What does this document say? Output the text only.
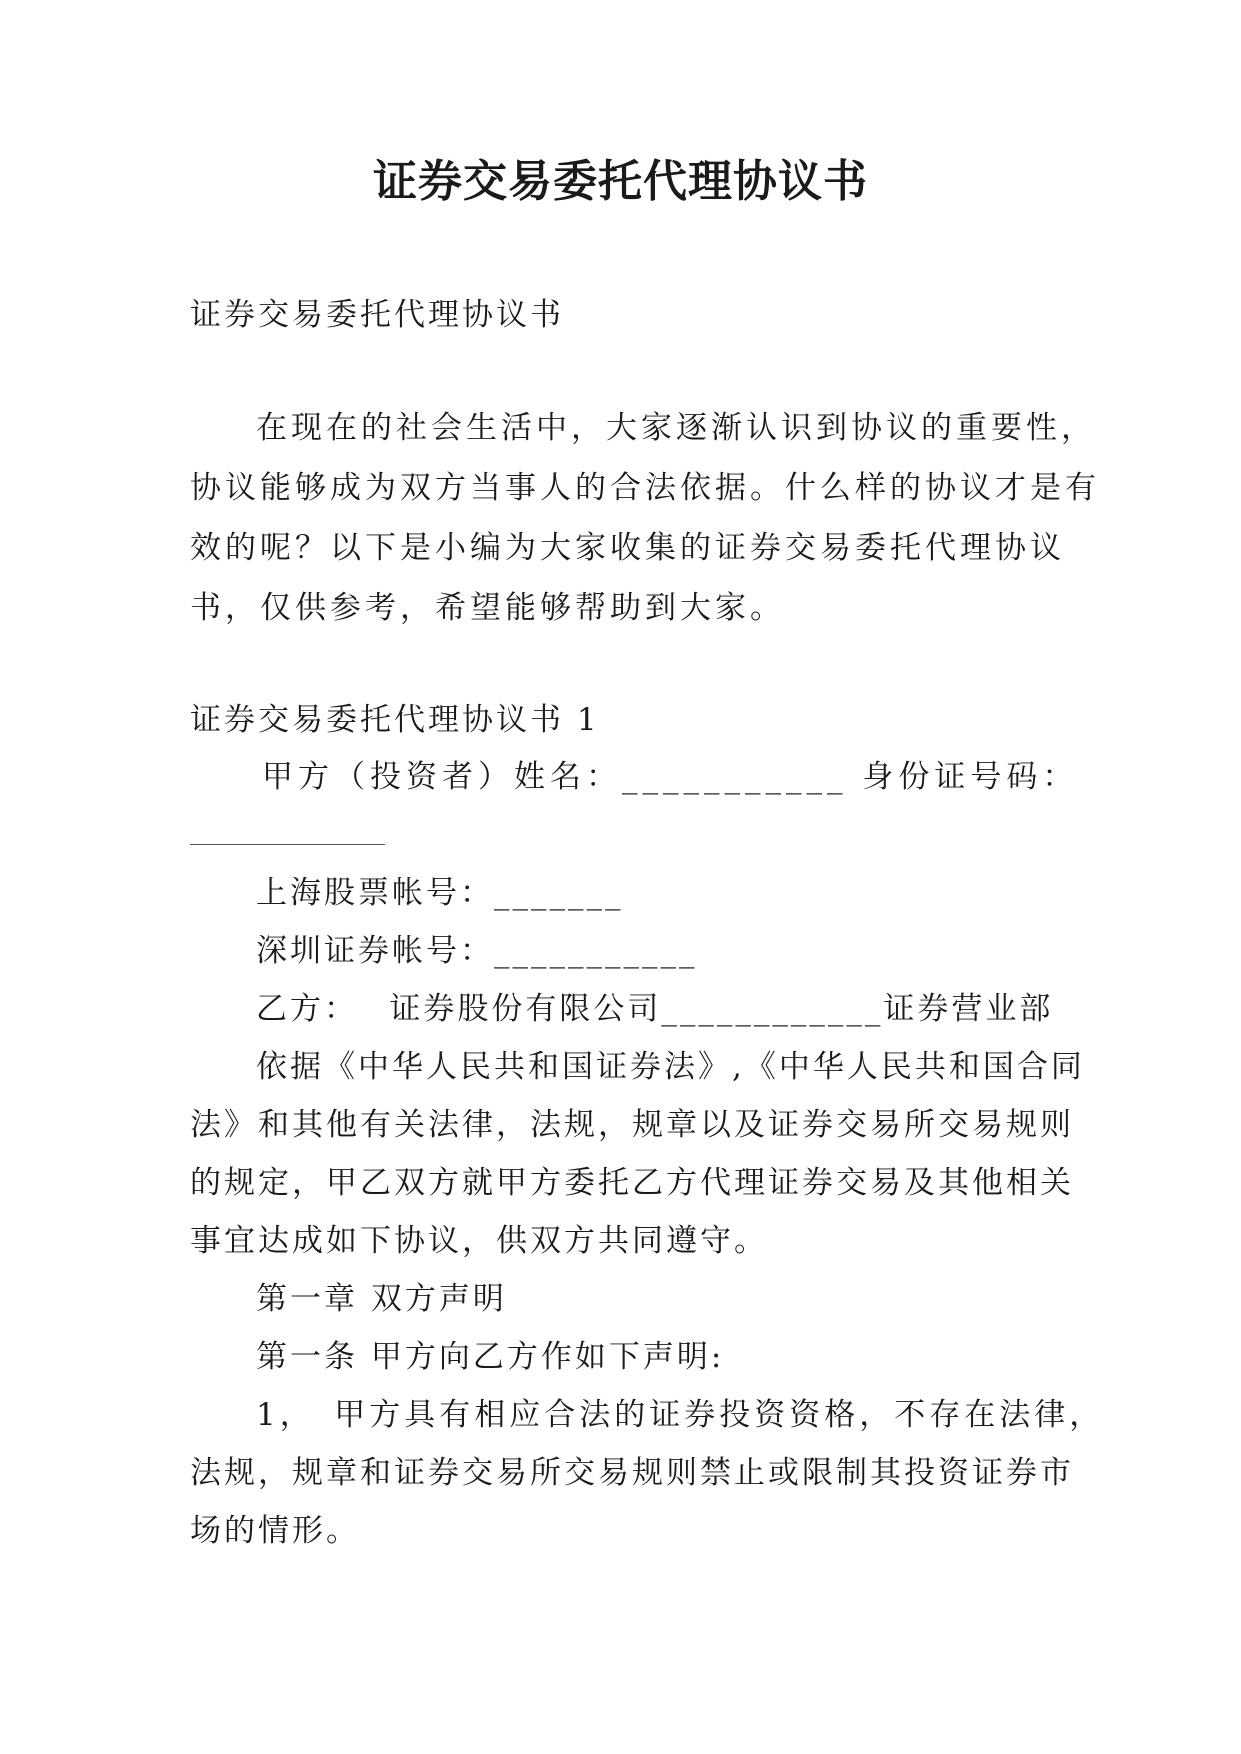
证券交易委托代理协议书
证券交易委托代理协议书
在现在的社会生活中，大家逐渐认识到协议的重要性，
协议能够成为双方当事人的合法依据。什么样的协议才是有
效的呢？以下是小编为大家收集的证券交易委托代理协议
书，仅供参考，希望能够帮助到大家。
证券交易委托代理协议书 1
甲方（投资者）姓名：___________ 身份证号码：
上海股票帐号：_______
深圳证券帐号：___________
乙方：　 证券股份有限公司____________证券营业部
依据《中华人民共和国证券法》,《中华人民共和国合同
法》和其他有关法律，法规，规章以及证券交易所交易规则
的规定，甲乙双方就甲方委托乙方代理证券交易及其他相关
事宜达成如下协议，供双方共同遵守。
第一章 双方声明
第一条 甲方向乙方作如下声明:
1，　甲方具有相应合法的证券投资资格，不存在法律，
法规，规章和证券交易所交易规则禁止或限制其投资证券市
场的情形。
